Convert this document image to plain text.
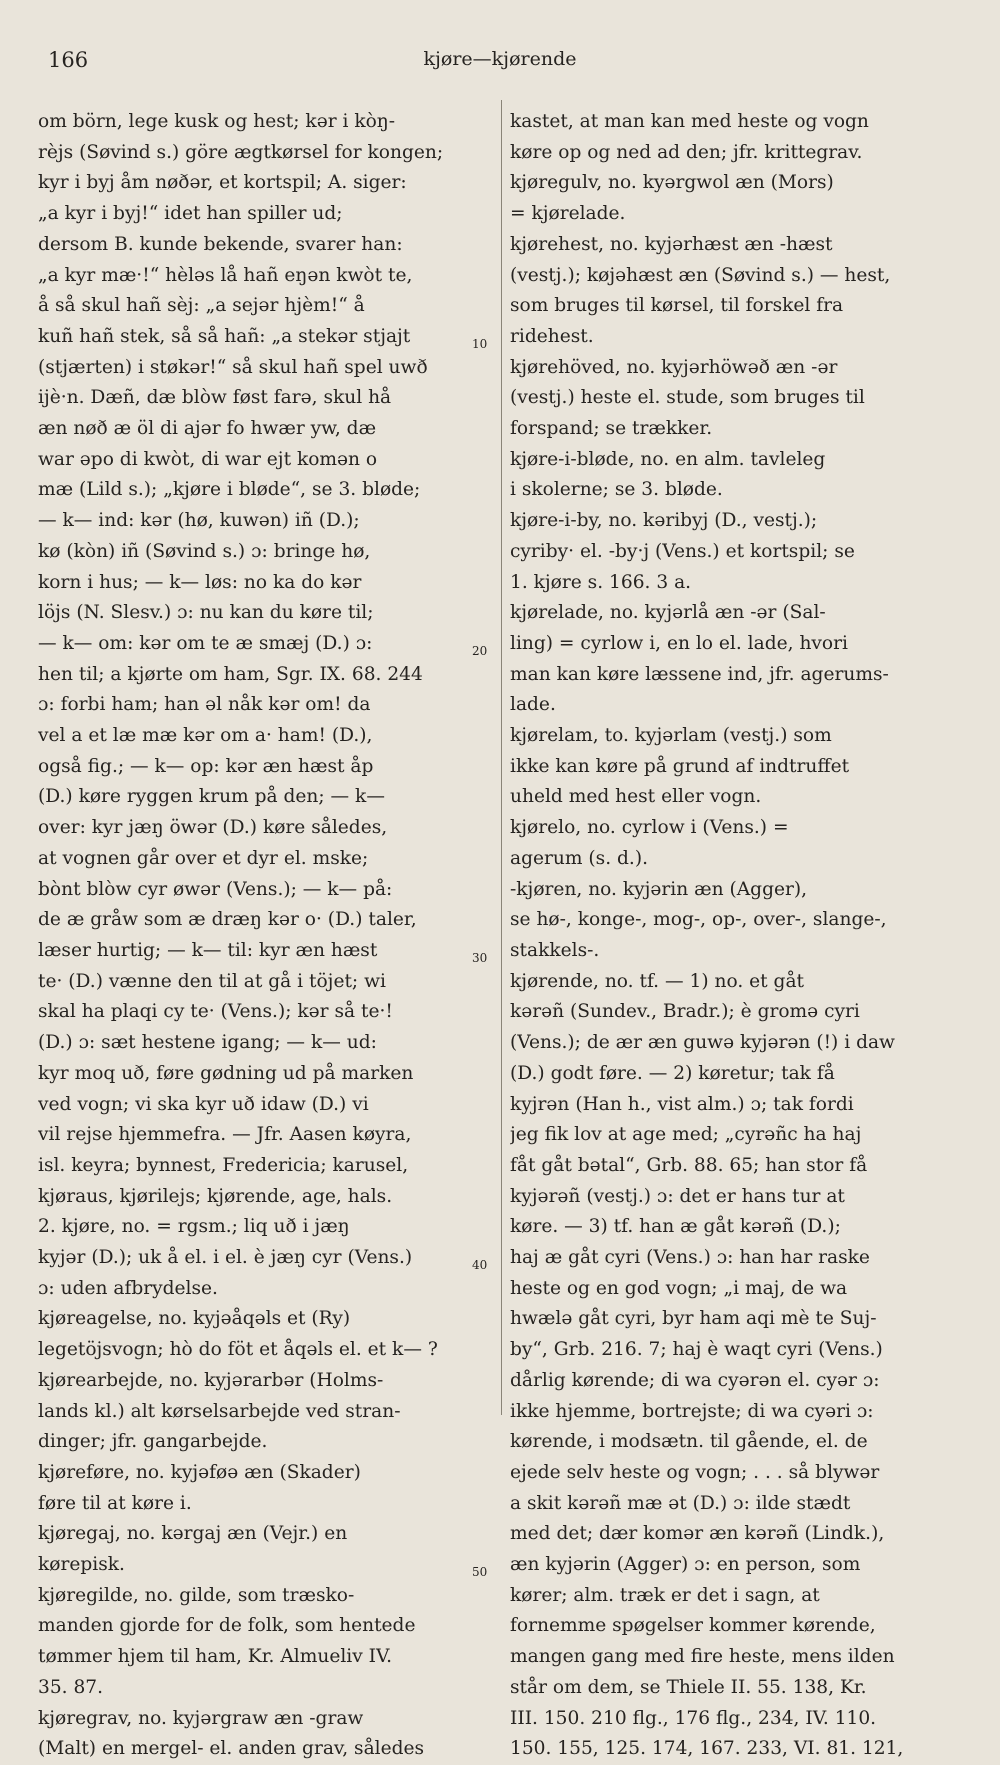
166	kjøre—kjørende
10
20
30
40
50
om börn, lege kusk og hest; kər i kòŋ-
rèjs (Søvind s.) göre ægtkørsel for kongen;
kyr i byj åm nøðər, et kortspil; A. siger:
„a kyr i byj!“ idet han spiller ud;
dersom B. kunde bekende, svarer han:
„a kyr mæ·!“ hèləs lå hañ eŋən kwòt te,
å så skul hañ sèj: „a sejər hjèm!“ å
kuñ hañ stek, så så hañ: „a stekər stjajt
(stjærten) i støkər!“ så skul hañ spel uwð
ijè·n. Dæñ, dæ blòw føst farə, skul hå
æn nøð æ öl di ajər fo hwær yw, dæ
war əpo di kwòt, di war ejt komən o
mæ (Lild s.); „kjøre i bløde“, se 3. bløde;
— k— ind: kər (hø, kuwən) iñ (D.);
kø (kòn) iñ (Søvind s.) ɔ: bringe hø,
korn i hus; — k— løs: no ka do kər
löjs (N. Slesv.) ɔ: nu kan du køre til;
— k— om: kər om te æ smæj (D.) ɔ:
hen til; a kjørte om ham, Sgr. IX. 68. 244
ɔ: forbi ham; han əl nåk kər om! da
vel a et læ mæ kər om a· ham! (D.),
også fig.; — k— op: kər æn hæst åp
(D.) køre ryggen krum på den; — k—
over: kyr jæŋ öwər (D.) køre således,
at vognen går over et dyr el. mske;
bònt blòw cyr øwər (Vens.); — k— på:
de æ gråw som æ dræŋ kər o· (D.) taler,
læser hurtig; — k— til: kyr æn hæst
te· (D.) vænne den til at gå i töjet; wi
skal ha plaqi cy te· (Vens.); kər så te·!
(D.) ɔ: sæt hestene igang; — k— ud:
kyr moq uð, føre gødning ud på marken
ved vogn; vi ska kyr uð idaw (D.) vi
vil rejse hjemmefra. — Jfr. Aasen køyra,
isl. keyra; bynnest, Fredericia; karusel,
kjøraus, kjørilejs; kjørende, age, hals.
2. kjøre, no. = rgsm.; liq uð i jæŋ
kyjər (D.); uk å el. i el. è jæŋ cyr (Vens.)
ɔ: uden afbrydelse.
kjøreagelse, no. kyjəåqəls et (Ry)
legetöjsvogn; hò do föt et åqəls el. et k— ?
kjørearbejde, no. kyjərarbər (Holms-
lands kl.) alt kørselsarbejde ved stran-
dinger; jfr. gangarbejde.
kjøreføre, no. kyjəføə æn (Skader)
føre til at køre i.
kjøregaj, no. kərgaj æn (Vejr.) en
kørepisk.
kjøregilde, no. gilde, som træsko-
manden gjorde for de folk, som hentede
tømmer hjem til ham, Kr. Almueliv IV.
35. 87.
kjøregrav, no. kyjərgraw æn -graw
(Malt) en mergel- el. anden grav, således
kastet, at man kan med heste og vogn
køre op og ned ad den; jfr. krittegrav.
kjøregulv, no. kyərgwol æn (Mors)
= kjørelade.
kjørehest, no. kyjərhæst æn -hæst
(vestj.); køjəhæst æn (Søvind s.) — hest,
som bruges til kørsel, til forskel fra
ridehest.
kjørehöved, no. kyjərhöwəð æn -ər
(vestj.) heste el. stude, som bruges til
forspand; se trækker.
kjøre-i-bløde, no. en alm. tavleleg
i skolerne; se 3. bløde.
kjøre-i-by, no. kəribyj (D., vestj.);
cyriby· el. -by·j (Vens.) et kortspil; se
1. kjøre s. 166. 3 a.
kjørelade, no. kyjərlå æn -ər (Sal-
ling) = cyrlow i, en lo el. lade, hvori
man kan køre læssene ind, jfr. agerums-
lade.
kjørelam, to. kyjərlam (vestj.) som
ikke kan køre på grund af indtruffet
uheld med hest eller vogn.
kjørelo, no. cyrlow i (Vens.) =
agerum (s. d.).
-kjøren, no. kyjərin æn (Agger),
se hø-, konge-, mog-, op-, over-, slange-,
stakkels-.
kjørende, no. tf. — 1) no. et gåt
kərəñ (Sundev., Bradr.); è gromə cyri
(Vens.); de ær æn guwə kyjərən (!) i daw
(D.) godt føre. — 2) køretur; tak få
kyjrən (Han h., vist alm.) ɔ; tak fordi
jeg fik lov at age med; „cyrəñc ha haj
fåt gåt bətal“, Grb. 88. 65; han stor få
kyjərəñ (vestj.) ɔ: det er hans tur at
køre. — 3) tf. han æ gåt kərəñ (D.);
haj æ gåt cyri (Vens.) ɔ: han har raske
heste og en god vogn; „i maj, de wa
hwælə gåt cyri, byr ham aqi mè te Suj-
by“, Grb. 216. 7; haj è waqt cyri (Vens.)
dårlig kørende; di wa cyərən el. cyər ɔ:
ikke hjemme, bortrejste; di wa cyəri ɔ:
kørende, i modsætn. til gående, el. de
ejede selv heste og vogn; . . . så blywər
a skit kərəñ mæ ət (D.) ɔ: ilde stædt
med det; dær komər æn kərəñ (Lindk.),
æn kyjərin (Agger) ɔ: en person, som
kører; alm. træk er det i sagn, at
fornemme spøgelser kommer kørende,
mangen gang med fire heste, mens ilden
står om dem, se Thiele II. 55. 138, Kr.
III. 150. 210 flg., 176 flg., 234, IV. 110.
150. 155, 125. 174, 167. 233, VI. 81. 121,
